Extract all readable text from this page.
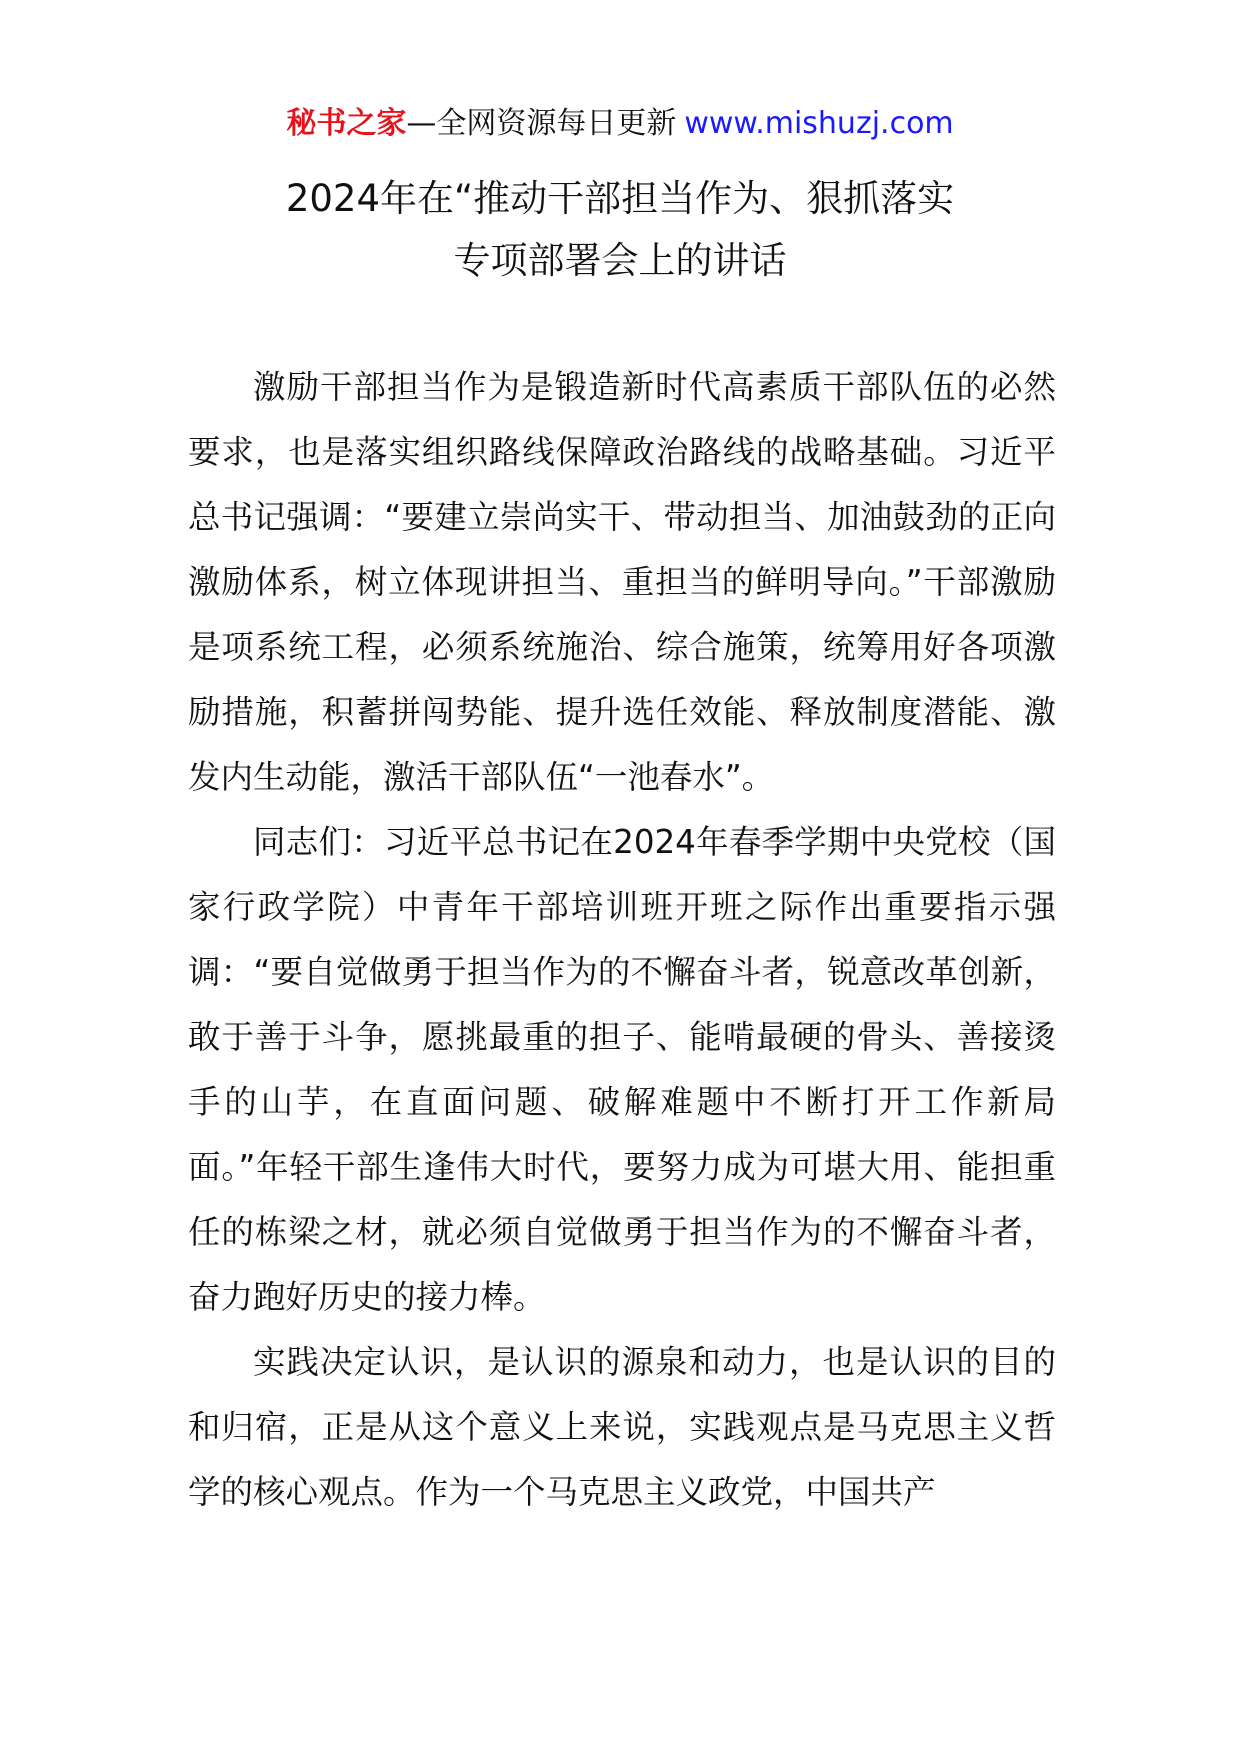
秘书之家—全网资源每日更新 www.mishuzj.com
2024年在“推动干部担当作为、狠抓落实
专项部署会上的讲话

激励干部担当作为是锻造新时代高素质干部队伍的必然要求，也是落实组织路线保障政治路线的战略基础。习近平总书记强调：“要建立崇尚实干、带动担当、加油鼓劲的正向激励体系，树立体现讲担当、重担当的鲜明导向。”干部激励是项系统工程，必须系统施治、综合施策，统筹用好各项激励措施，积蓄拼闯势能、提升选任效能、释放制度潜能、激发内生动能，激活干部队伍“一池春水”。

同志们：习近平总书记在2024年春季学期中央党校（国家行政学院）中青年干部培训班开班之际作出重要指示强调：“要自觉做勇于担当作为的不懈奋斗者，锐意改革创新，敢于善于斗争，愿挑最重的担子、能啃最硬的骨头、善接烫手的山芋，在直面问题、破解难题中不断打开工作新局面。”年轻干部生逢伟大时代，要努力成为可堪大用、能担重任的栋梁之材，就必须自觉做勇于担当作为的不懈奋斗者，奋力跑好历史的接力棒。

实践决定认识，是认识的源泉和动力，也是认识的目的和归宿，正是从这个意义上来说，实践观点是马克思主义哲学的核心观点。作为一个马克思主义政党，中国共产
